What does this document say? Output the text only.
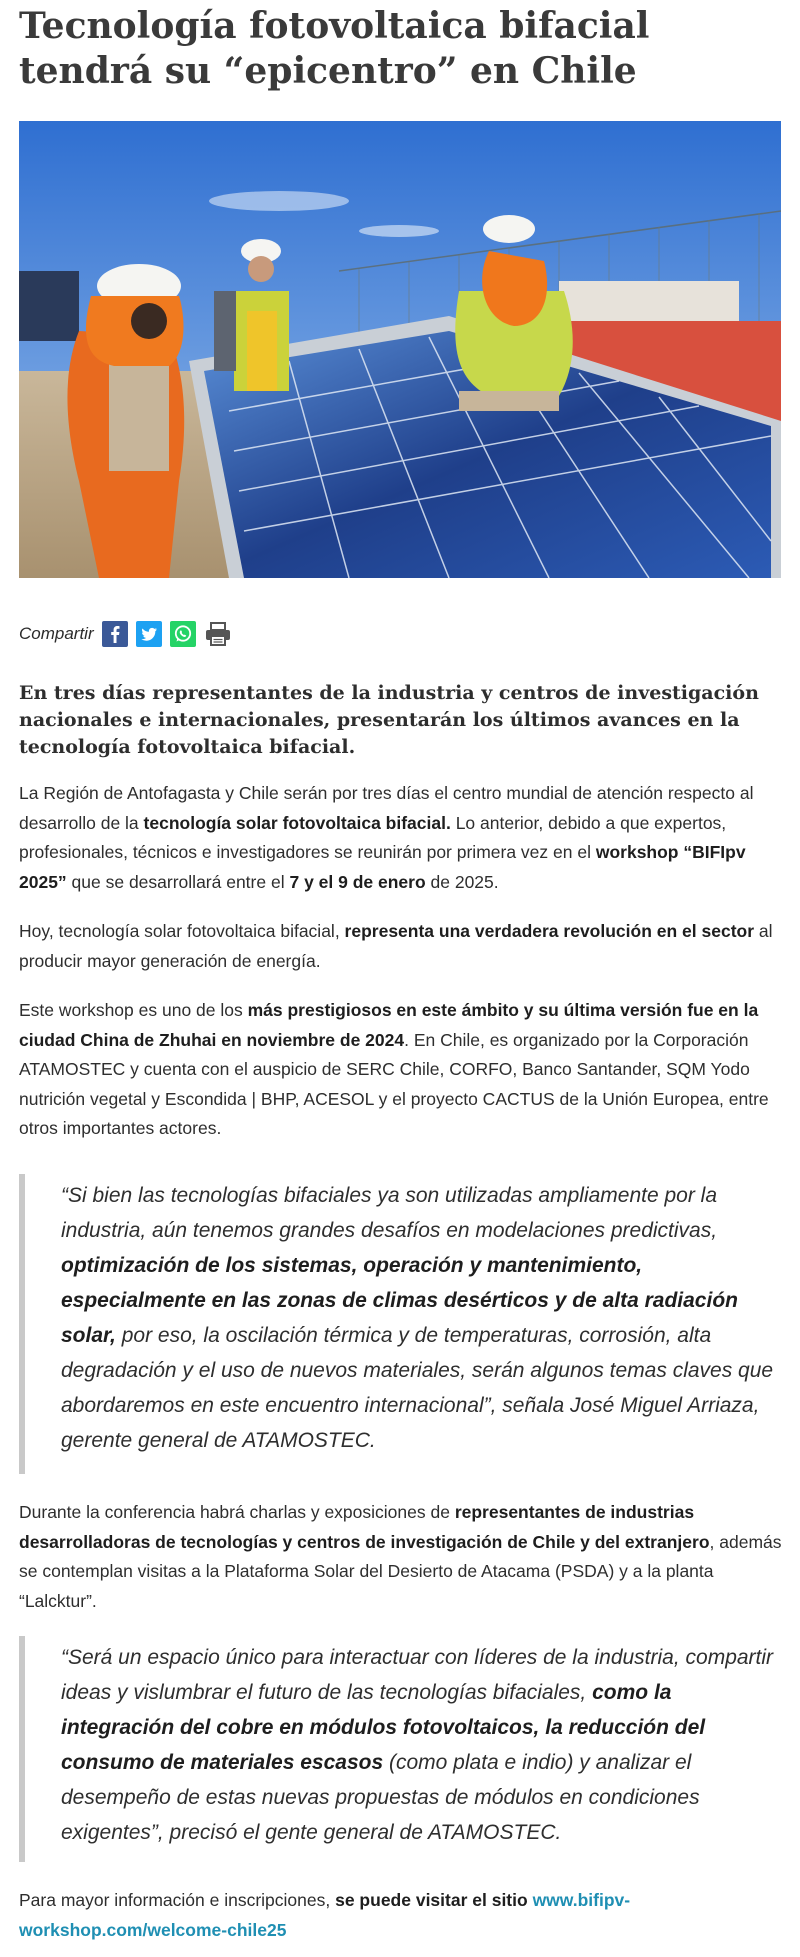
Tecnología fotovoltaica bifacial tendrá su “epicentro” en Chile
Compartir

En tres días representantes de la industria y centros de investigación nacionales e internacionales, presentarán los últimos avances en la tecnología fotovoltaica bifacial.

La Región de Antofagasta y Chile serán por tres días el centro mundial de atención respecto al desarrollo de la tecnología solar fotovoltaica bifacial. Lo anterior, debido a que expertos, profesionales, técnicos e investigadores se reunirán por primera vez en el workshop “BIFIpv 2025” que se desarrollará entre el 7 y el 9 de enero de 2025.

Hoy, tecnología solar fotovoltaica bifacial, representa una verdadera revolución en el sector al producir mayor generación de energía.

Este workshop es uno de los más prestigiosos en este ámbito y su última versión fue en la ciudad China de Zhuhai en noviembre de 2024. En Chile, es organizado por la Corporación ATAMOSTEC y cuenta con el auspicio de SERC Chile, CORFO, Banco Santander, SQM Yodo nutrición vegetal y Escondida | BHP, ACESOL y el proyecto CACTUS de la Unión Europea, entre otros importantes actores.

“Si bien las tecnologías bifaciales ya son utilizadas ampliamente por la industria, aún tenemos grandes desafíos en modelaciones predictivas, optimización de los sistemas, operación y mantenimiento, especialmente en las zonas de climas desérticos y de alta radiación solar, por eso, la oscilación térmica y de temperaturas, corrosión, alta degradación y el uso de nuevos materiales, serán algunos temas claves que abordaremos en este encuentro internacional”, señala José Miguel Arriaza, gerente general de ATAMOSTEC.

Durante la conferencia habrá charlas y exposiciones de representantes de industrias desarrolladoras de tecnologías y centros de investigación de Chile y del extranjero, además se contemplan visitas a la Plataforma Solar del Desierto de Atacama (PSDA) y a la planta “Lalcktur”.

“Será un espacio único para interactuar con líderes de la industria, compartir ideas y vislumbrar el futuro de las tecnologías bifaciales, como la integración del cobre en módulos fotovoltaicos, la reducción del consumo de materiales escasos (como plata e indio) y analizar el desempeño de estas nuevas propuestas de módulos en condiciones exigentes”, precisó el gente general de ATAMOSTEC.

Para mayor información e inscripciones, se puede visitar el sitio www.bifipv-workshop.com/welcome-chile25
